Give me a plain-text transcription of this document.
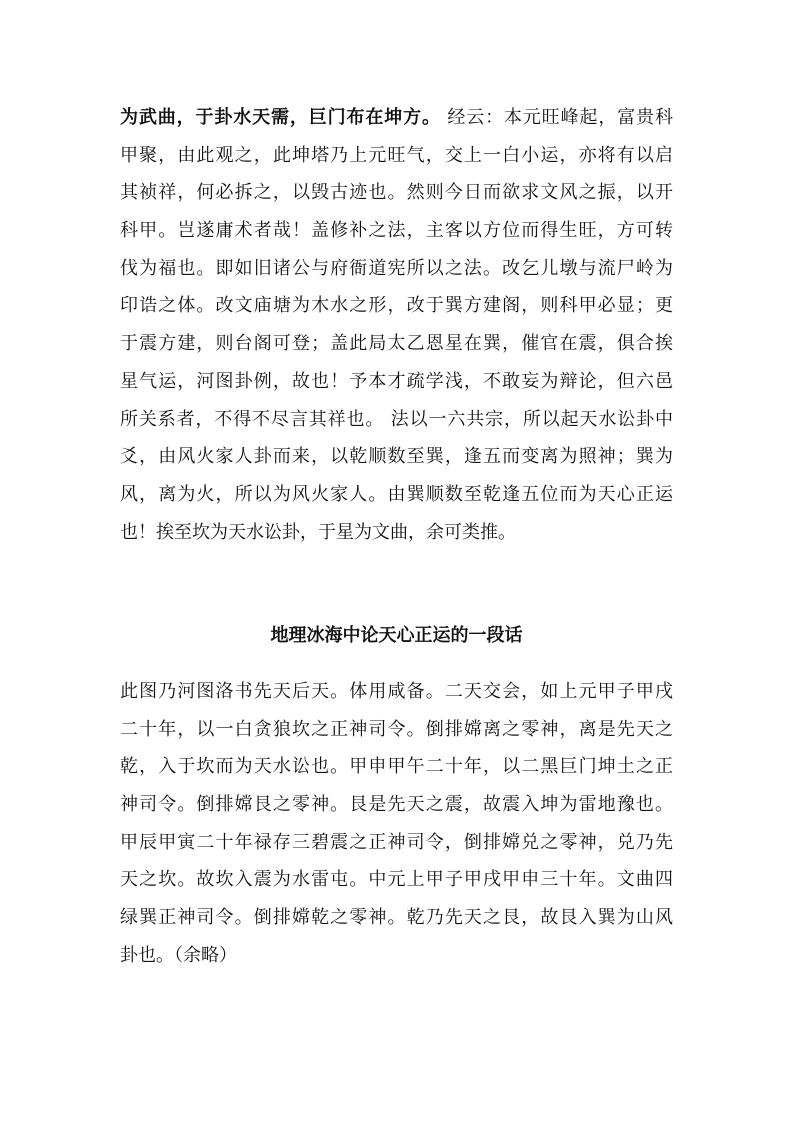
为武曲，于卦水天需，巨门布在坤方。 经云：本元旺峰起，富贵科
甲聚，由此观之，此坤塔乃上元旺气，交上一白小运，亦将有以启
其祯祥，何必拆之，以毁古迹也。然则今日而欲求文风之振，以开
科甲。岂遂庸术者哉！盖修补之法，主客以方位而得生旺，方可转
伐为福也。即如旧诸公与府衙道宪所以之法。改乞儿墩与流尸岭为
印诰之体。改文庙塘为木水之形，改于巽方建阁，则科甲必显；更
于震方建，则台阁可登；盖此局太乙恩星在巽，催官在震，俱合挨
星气运，河图卦例，故也！予本才疏学浅，不敢妄为辩论，但六邑
所关系者，不得不尽言其祥也。 法以一六共宗，所以起天水讼卦中
爻，由风火家人卦而来，以乾顺数至巽，逢五而变离为照神；巽为
风，离为火，所以为风火家人。由巽顺数至乾逢五位而为天心正运
也！挨至坎为天水讼卦，于星为文曲，余可类推。
地理冰海中论天心正运的一段话
此图乃河图洛书先天后天。体用咸备。二天交会，如上元甲子甲戌
二十年，以一白贪狼坎之正神司令。倒排嫦离之零神，离是先天之
乾，入于坎而为天水讼也。甲申甲午二十年，以二黑巨门坤土之正
神司令。倒排嫦艮之零神。艮是先天之震，故震入坤为雷地豫也。
甲辰甲寅二十年禄存三碧震之正神司令，倒排嫦兑之零神，兑乃先
天之坎。故坎入震为水雷屯。中元上甲子甲戌甲申三十年。文曲四
绿巽正神司令。倒排嫦乾之零神。乾乃先天之艮，故艮入巽为山风
卦也。（余略）
